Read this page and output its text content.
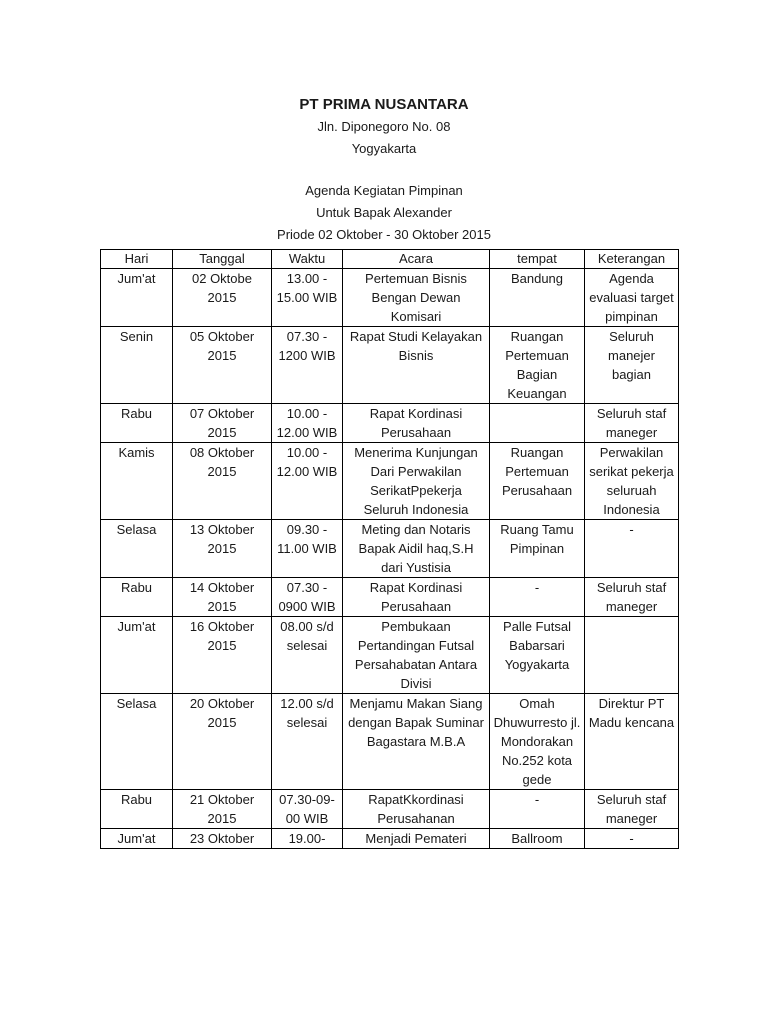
PT PRIMA NUSANTARA

Jln. Diponegoro No. 08

Yogyakarta

Agenda Kegiatan Pimpinan

Untuk Bapak Alexander

Priode 02 Oktober - 30 Oktober 2015

Hari	Tanggal	Waktu	Acara	tempat	Keterangan
Jum'at	02 Oktobe 2015	13.00 - 15.00 WIB	Pertemuan Bisnis Bengan Dewan Komisari	Bandung	Agenda evaluasi target pimpinan
Senin	05 Oktober 2015	07.30 - 1200 WIB	Rapat Studi Kelayakan Bisnis	Ruangan Pertemuan Bagian Keuangan	Seluruh manejer bagian
Rabu	07 Oktober 2015	10.00 - 12.00 WIB	Rapat Kordinasi Perusahaan		Seluruh staf maneger
Kamis	08 Oktober 2015	10.00 - 12.00 WIB	Menerima Kunjungan Dari Perwakilan SerikatPpekerja Seluruh Indonesia	Ruangan Pertemuan Perusahaan	Perwakilan serikat pekerja seluruah Indonesia
Selasa	13 Oktober 2015	09.30 - 11.00 WIB	Meting dan Notaris Bapak Aidil haq,S.H dari Yustisia	Ruang Tamu Pimpinan	-
Rabu	14 Oktober 2015	07.30 - 0900 WIB	Rapat Kordinasi Perusahaan	-	Seluruh staf maneger
Jum'at	16 Oktober 2015	08.00 s/d selesai	Pembukaan Pertandingan Futsal Persahabatan Antara Divisi	Palle Futsal Babarsari Yogyakarta	
Selasa	20 Oktober 2015	12.00 s/d selesai	Menjamu Makan Siang dengan Bapak Suminar Bagastara M.B.A	Omah Dhuwurresto jl. Mondorakan No.252 kota gede	Direktur PT Madu kencana
Rabu	21 Oktober 2015	07.30-09-00 WIB	RapatKkordinasi Perusahanan	-	Seluruh staf maneger
Jum'at	23 Oktober	19.00-	Menjadi Pemateri	Ballroom	-
